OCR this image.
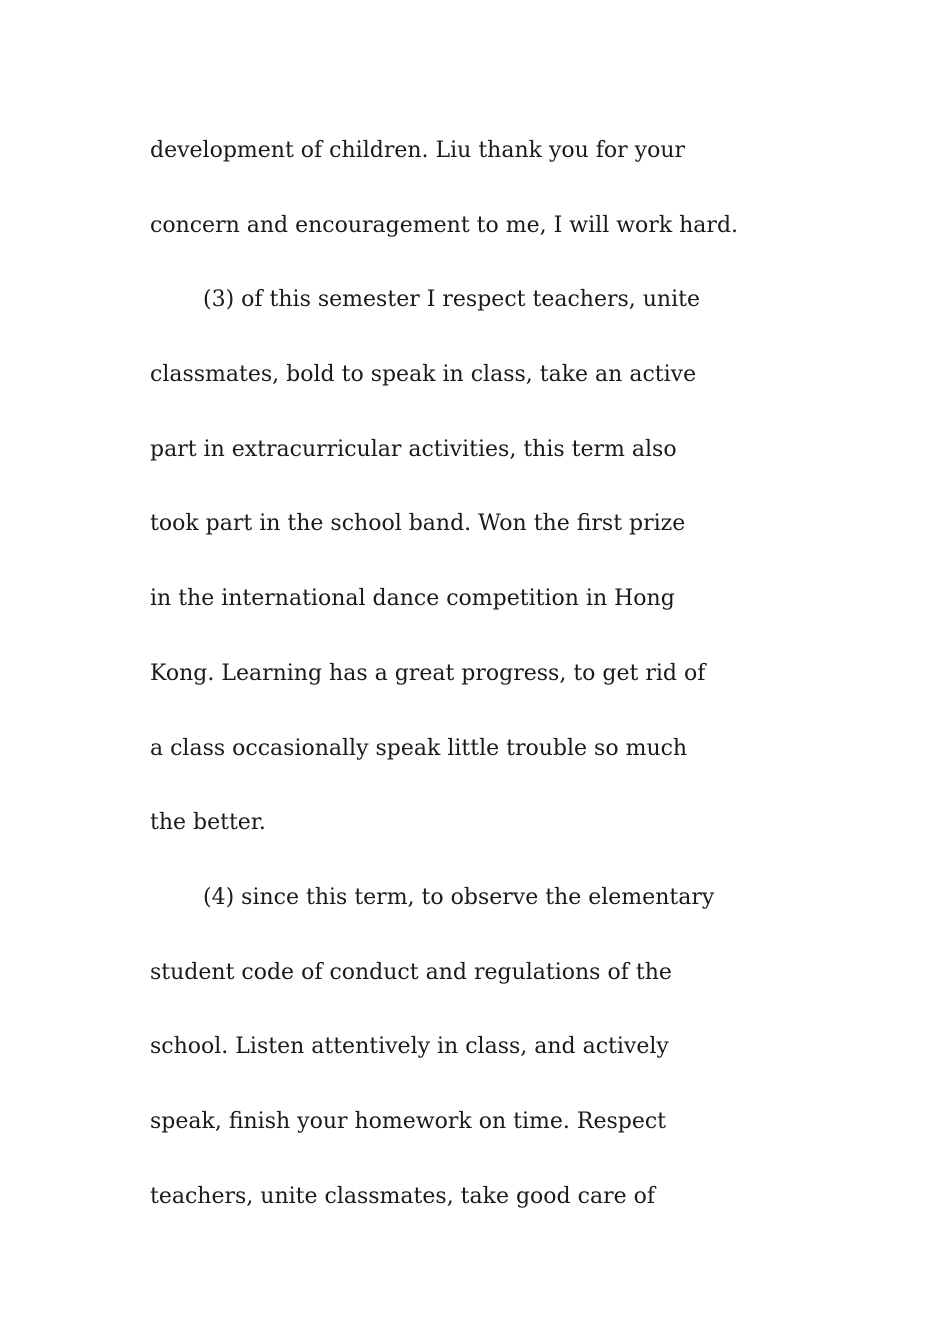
development of children. Liu thank you for your
concern and encouragement to me, I will work hard.
(3) of this semester I respect teachers, unite
classmates, bold to speak in class, take an active
part in extracurricular activities, this term also
took part in the school band. Won the first prize
in the international dance competition in Hong
Kong. Learning has a great progress, to get rid of
a class occasionally speak little trouble so much
the better.
(4) since this term, to observe the elementary
student code of conduct and regulations of the
school. Listen attentively in class, and actively
speak, finish your homework on time. Respect
teachers, unite classmates, take good care of
